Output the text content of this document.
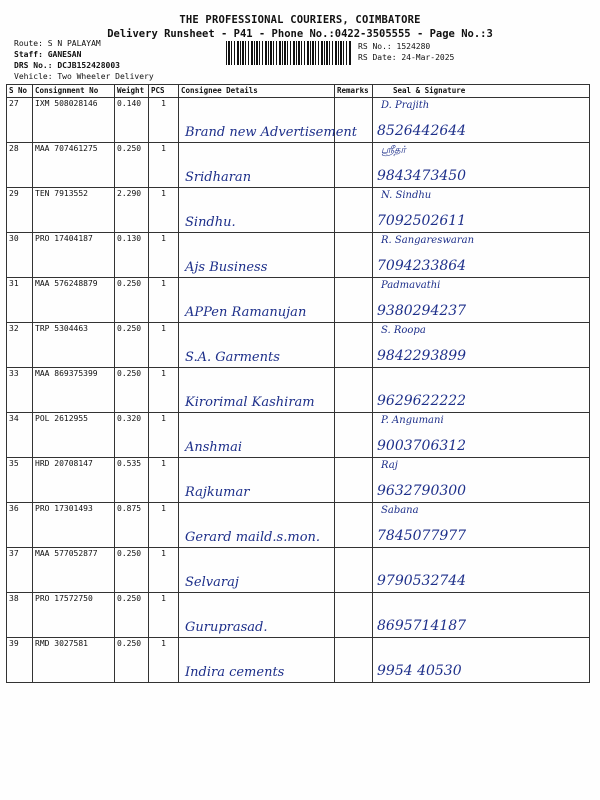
THE PROFESSIONAL COURIERS, COIMBATORE
Delivery Runsheet - P41 - Phone No.:0422-3505555 - Page No.:3
Route: S N PALAYAM
Staff: GANESAN
DRS No.: DCJB152428003
Vehicle: Two Wheeler Delivery
RS No.: 1524280
RS Date: 24-Mar-2025
S No	Consignment No	Weight	PCS	Consignee Details	Remarks	Seal & Signature
27	IXM 508028146	0.140	1	Brand new Advertisement		D. Prajith
8526442644

28	MAA 707461275	0.250	1	Sridharan		ஸ்ரீதர்
9843473450

29	TEN 7913552	2.290	1	Sindhu.		N. Sindhu
7092502611

30	PRO 17404187	0.130	1	Ajs Business		R. Sangareswaran
7094233864

31	MAA 576248879	0.250	1	APPen Ramanujan		Padmavathi
9380294237

32	TRP 5304463	0.250	1	S.A. Garments		S. Roopa
9842293899

33	MAA 869375399	0.250	1	Kirorimal Kashiram		9629622222

34	POL 2612955	0.320	1	Anshmai		P. Angumani
9003706312

35	HRD 20708147	0.535	1	Rajkumar		Raj
9632790300

36	PRO 17301493	0.875	1	Gerard maild.s.mon.		Sabana
7845077977

37	MAA 577052877	0.250	1	Selvaraj		9790532744

38	PRO 17572750	0.250	1	Guruprasad.		8695714187

39	RMD 3027581	0.250	1	Indira cements		9954 40530
